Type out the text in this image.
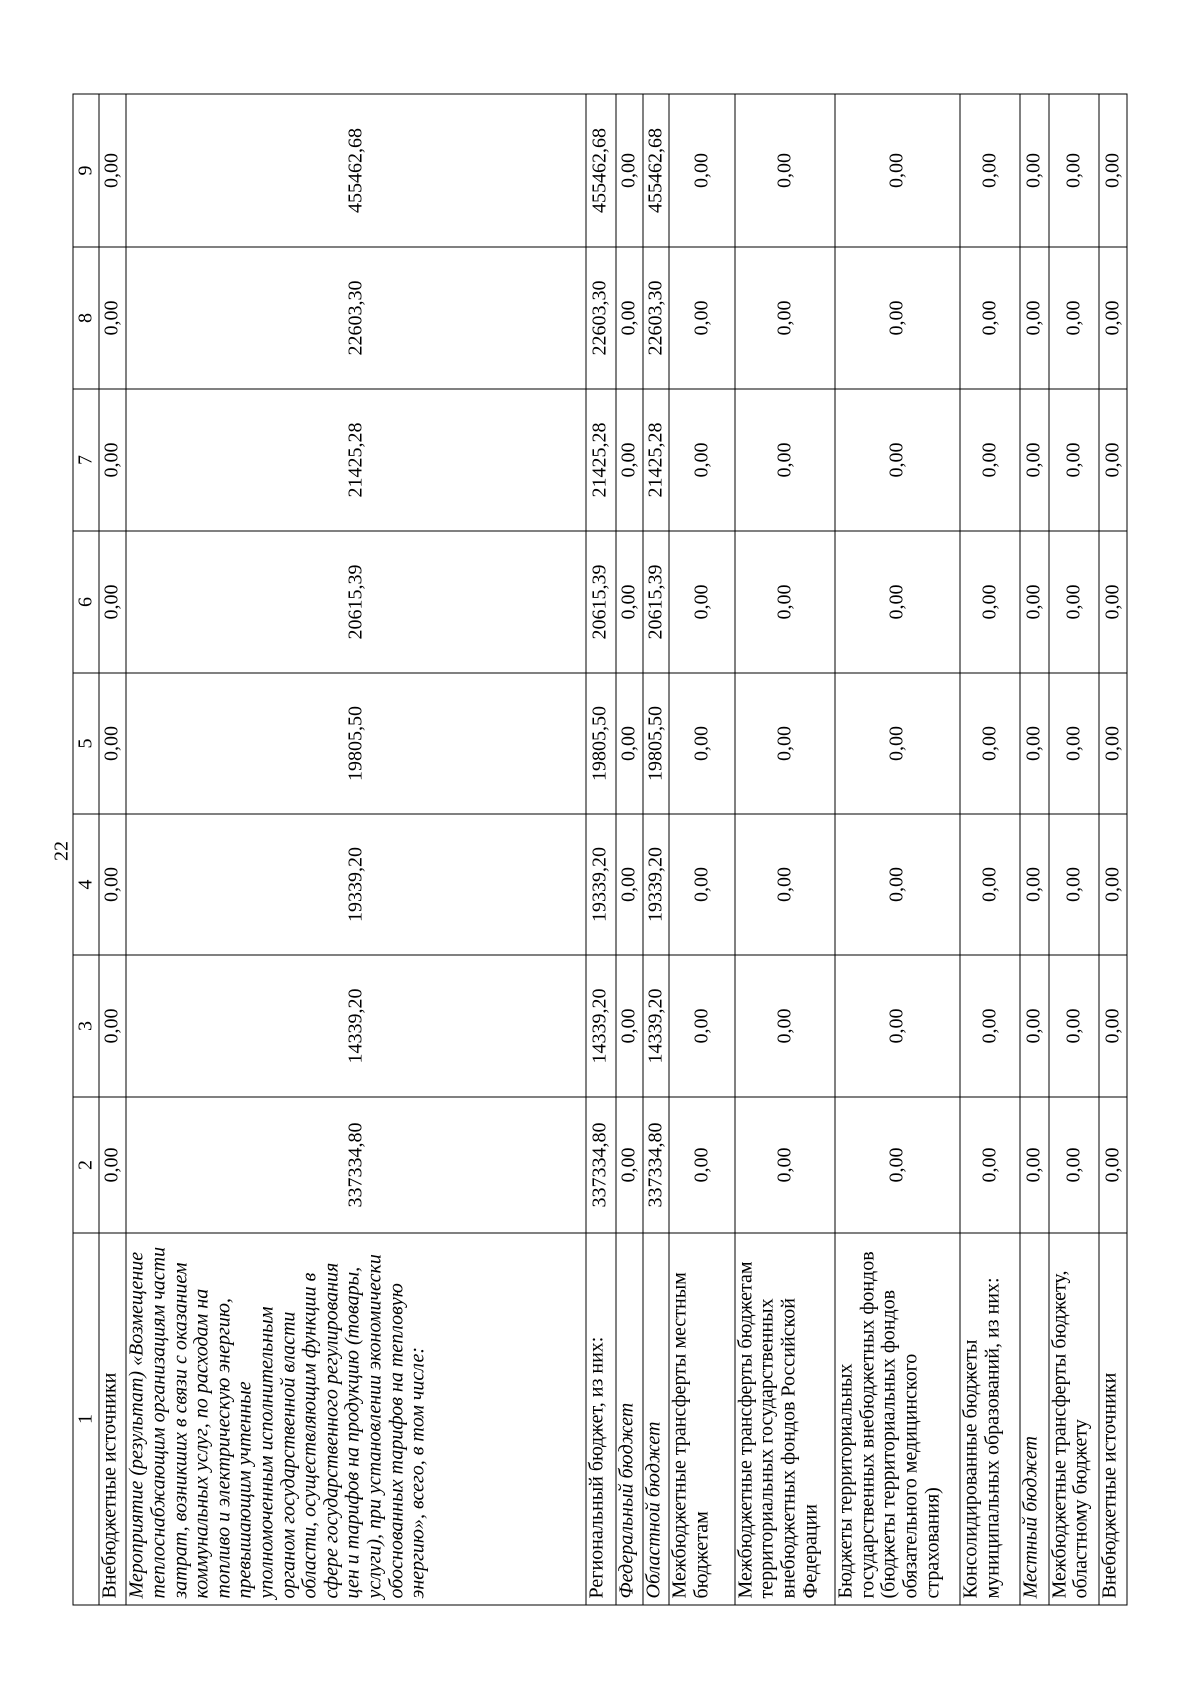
22
1	2	3	4	5	6	7	8	9
Внебюджетные источники	0,00	0,00	0,00	0,00	0,00	0,00	0,00	0,00
Мероприятие (результат) «Возмещение теплоснабжающим организациям части затрат, возникших в связи с оказанием коммунальных услуг, по расходам на топливо и электрическую энергию, превышающим учтенные уполномоченным исполнительным органом государственной власти области, осуществляющим функции в сфере государственного регулирования цен и тарифов на продукцию (товары, услуги), при установлении экономически обоснованных тарифов на тепловую энергию», всего, в том числе:	337334,80	14339,20	19339,20	19805,50	20615,39	21425,28	22603,30	455462,68
Региональный бюджет, из них:	337334,80	14339,20	19339,20	19805,50	20615,39	21425,28	22603,30	455462,68
Федеральный бюджет	0,00	0,00	0,00	0,00	0,00	0,00	0,00	0,00
Областной бюджет	337334,80	14339,20	19339,20	19805,50	20615,39	21425,28	22603,30	455462,68
Межбюджетные трансферты местным бюджетам	0,00	0,00	0,00	0,00	0,00	0,00	0,00	0,00
Межбюджетные трансферты бюджетам территориальных государственных внебюджетных фондов Российской Федерации	0,00	0,00	0,00	0,00	0,00	0,00	0,00	0,00
Бюджеты территориальных государственных внебюджетных фондов (бюджеты территориальных фондов обязательного медицинского страхования)	0,00	0,00	0,00	0,00	0,00	0,00	0,00	0,00
Консолидированные бюджеты муниципальных образований, из них:	0,00	0,00	0,00	0,00	0,00	0,00	0,00	0,00
Местный бюджет	0,00	0,00	0,00	0,00	0,00	0,00	0,00	0,00
Межбюджетные трансферты бюджету, областному бюджету	0,00	0,00	0,00	0,00	0,00	0,00	0,00	0,00
Внебюджетные источники	0,00	0,00	0,00	0,00	0,00	0,00	0,00	0,00
